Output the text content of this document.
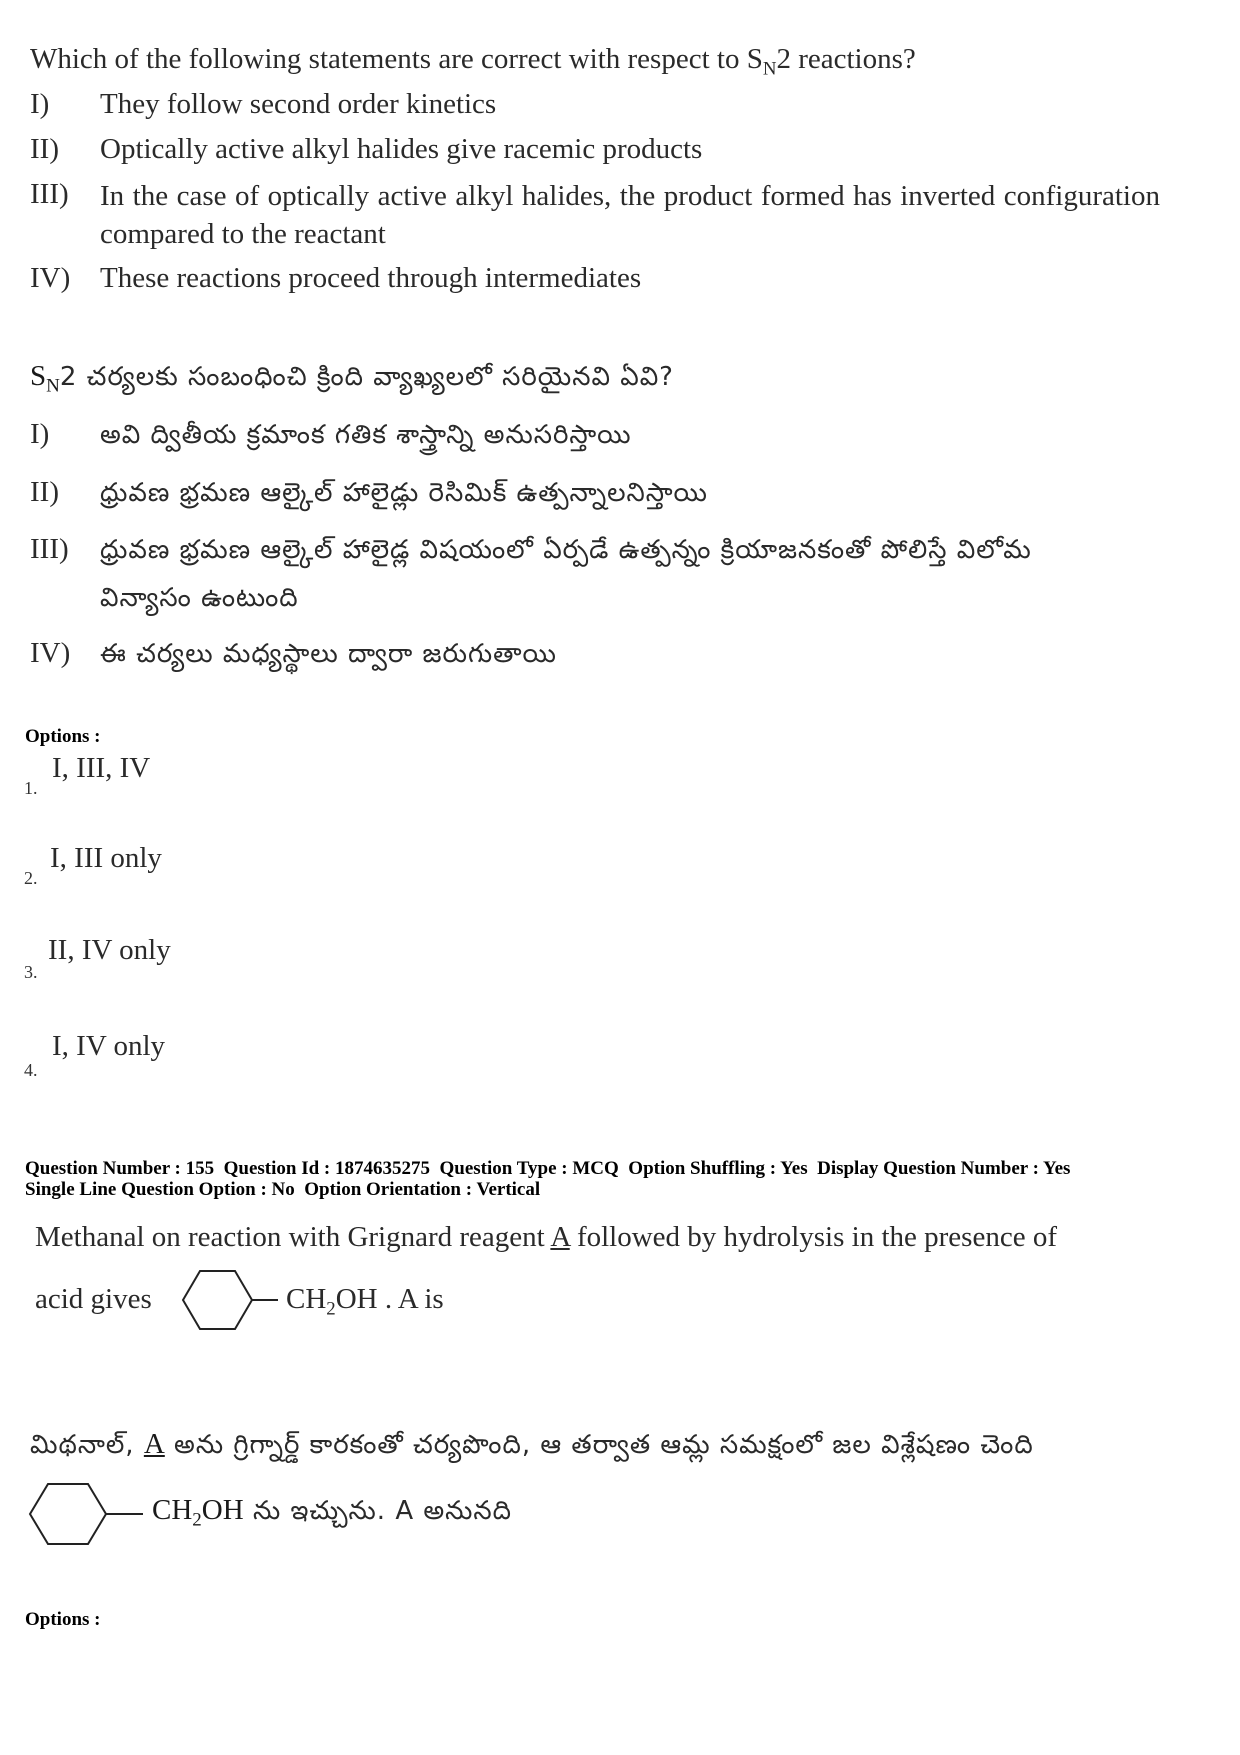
Which of the following statements are correct with respect to $S_N2$ reactions?
I) They follow second order kinetics
II) Optically active alkyl halides give racemic products
III) In the case of optically active alkyl halides, the product formed has inverted configuration compared to the reactant
IV) These reactions proceed through intermediates
$S_N2$ చర్యలకు సంబంధించి క్రింది వ్యాఖ్యలలో సరియైనవి ఏవి?
I) అవి ద్వితీయ క్రమాంక గతిక శాస్త్రాన్ని అనుసరిస్తాయి
II) ధ్రువణ భ్రమణ ఆల్కైల్ హాలైడ్లు రెసిమిక్ ఉత్పన్నాలనిస్తాయి
III) ధ్రువణ భ్రమణ ఆల్కైల్ హాలైడ్ల విషయంలో ఏర్పడే ఉత్పన్నం క్రియాజనకంతో పోలిస్తే విలోమ
విన్యాసం ఉంటుంది
IV) ఈ చర్యలు మధ్యస్థాలు ద్వారా జరుగుతాయి
Options :
1.
I, III, IV
2.
I, III only
3.
II, IV only
4.
I, IV only
Question Number : 155  Question Id : 1874635275  Question Type : MCQ  Option Shuffling : Yes  Display Question Number : Yes
Single Line Question Option : No  Option Orientation : Vertical
Methanal on reaction with Grignard reagent A followed by hydrolysis in the presence of
acid gives	$CH_2OH$ . A is
మిథనాల్, A అను గ్రిగ్నార్డ్ కారకంతో చర్యపొంది, ఆ తర్వాత ఆమ్ల సమక్షంలో జల విశ్లేషణం చెంది
$CH_2OH$ ను ఇచ్చును. A అనునది
Options :
